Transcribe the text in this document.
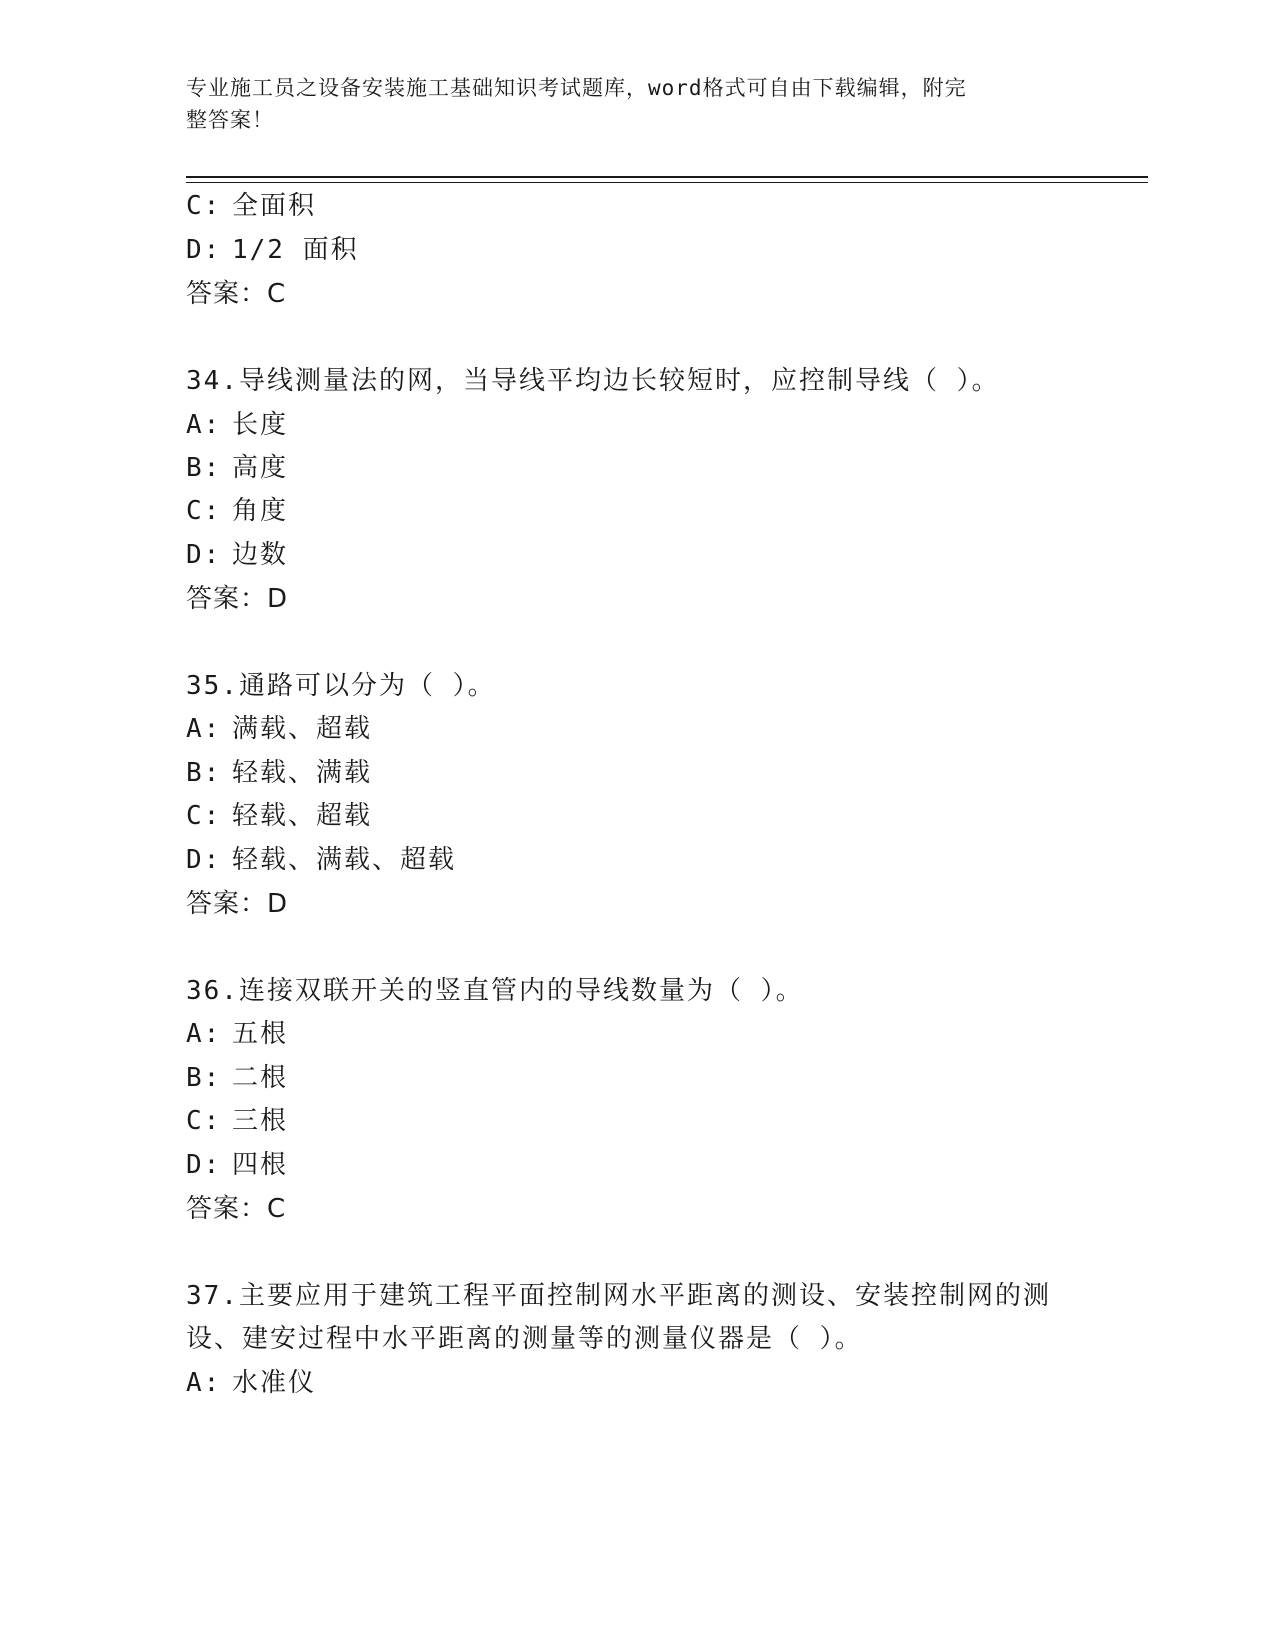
专业施工员之设备安装施工基础知识考试题库，word格式可自由下载编辑，附完
整答案！
C: 全面积
D: 1/2 面积
答案：C
34.导线测量法的网，当导线平均边长较短时，应控制导线（ ）。
A: 长度
B: 高度
C: 角度
D: 边数
答案：D
35.通路可以分为（ ）。
A: 满载、超载
B: 轻载、满载
C: 轻载、超载
D: 轻载、满载、超载
答案：D
36.连接双联开关的竖直管内的导线数量为（ ）。
A: 五根
B: 二根
C: 三根
D: 四根
答案：C
37.主要应用于建筑工程平面控制网水平距离的测设、安装控制网的测
设、建安过程中水平距离的测量等的测量仪器是（ ）。
A: 水准仪
